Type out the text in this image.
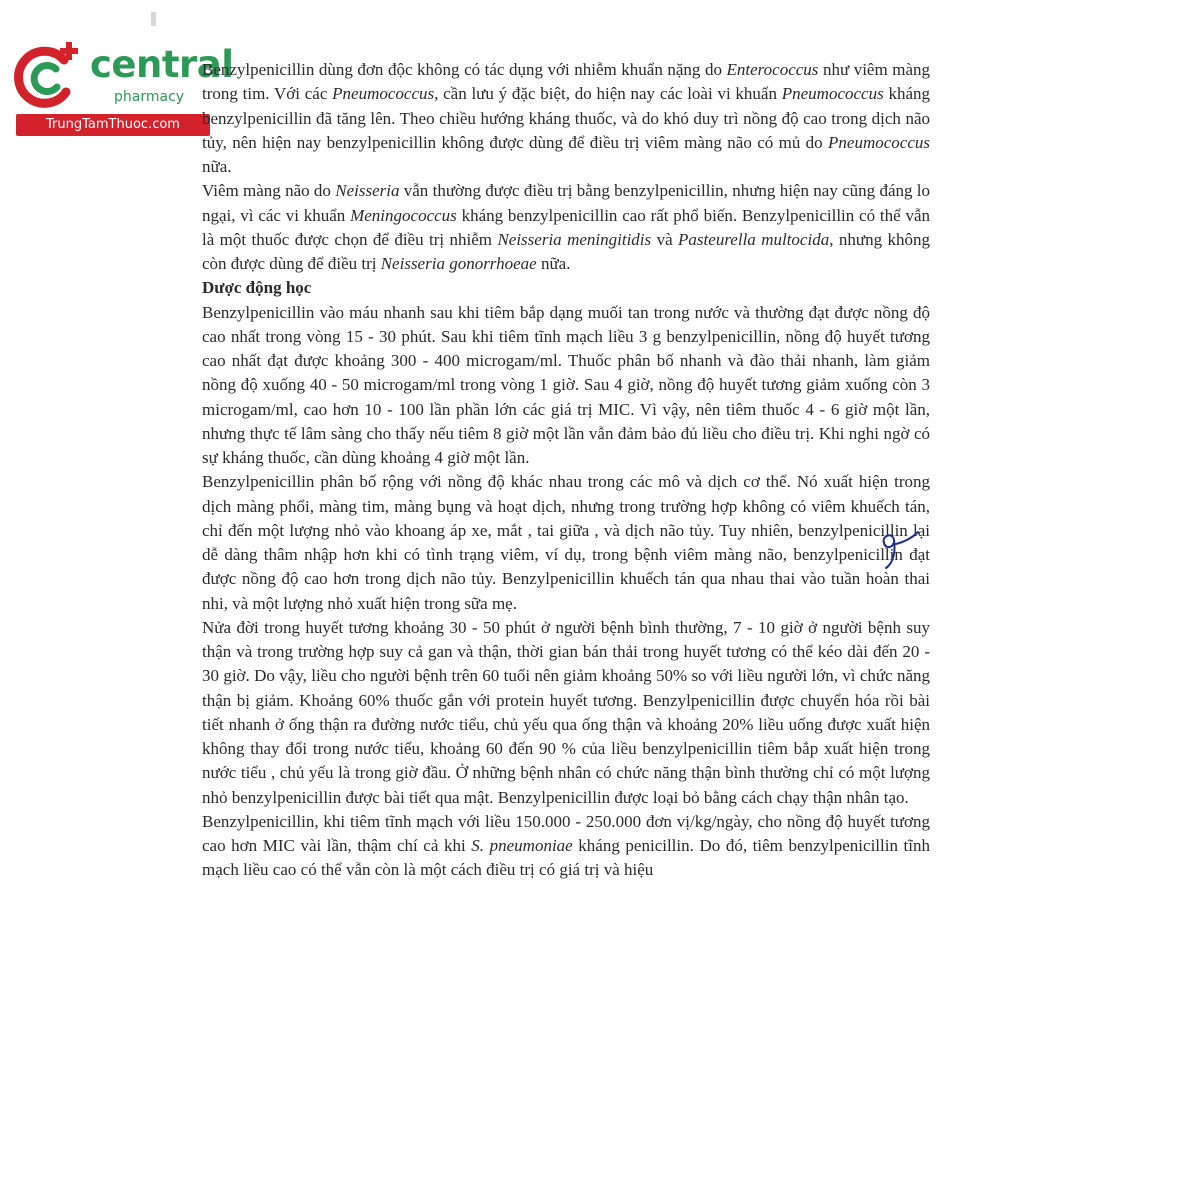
central
pharmacy
TrungTamThuoc.com

Benzylpenicillin dùng đơn độc không có tác dụng với nhiễm khuẩn nặng do Enterococcus như viêm màng trong tim. Với các Pneumococcus, cần lưu ý đặc biệt, do hiện nay các loài vi khuẩn Pneumococcus kháng benzylpenicillin đã tăng lên. Theo chiều hướng kháng thuốc, và do khó duy trì nồng độ cao trong dịch não tủy, nên hiện nay benzylpenicillin không được dùng để điều trị viêm màng não có mủ do Pneumococcus nữa.

Viêm màng não do Neisseria vẫn thường được điều trị bằng benzylpenicillin, nhưng hiện nay cũng đáng lo ngại, vì các vi khuẩn Meningococcus kháng benzylpenicillin cao rất phổ biến. Benzylpenicillin có thể vẫn là một thuốc được chọn để điều trị nhiễm Neisseria meningitidis và Pasteurella multocida, nhưng không còn được dùng để điều trị Neisseria gonorrhoeae nữa.

Dược động học

Benzylpenicillin vào máu nhanh sau khi tiêm bắp dạng muối tan trong nước và thường đạt được nồng độ cao nhất trong vòng 15 - 30 phút. Sau khi tiêm tĩnh mạch liều 3 g benzylpenicillin, nồng độ huyết tương cao nhất đạt được khoảng 300 - 400 microgam/ml. Thuốc phân bố nhanh và đào thải nhanh, làm giảm nồng độ xuống 40 - 50 microgam/ml trong vòng 1 giờ. Sau 4 giờ, nồng độ huyết tương giảm xuống còn 3 microgam/ml, cao hơn 10 - 100 lần phần lớn các giá trị MIC. Vì vậy, nên tiêm thuốc 4 - 6 giờ một lần, nhưng thực tế lâm sàng cho thấy nếu tiêm 8 giờ một lần vẫn đảm bảo đủ liều cho điều trị. Khi nghi ngờ có sự kháng thuốc, cần dùng khoảng 4 giờ một lần.

Benzylpenicillin phân bố rộng với nồng độ khác nhau trong các mô và dịch cơ thể. Nó xuất hiện trong dịch màng phổi, màng tim, màng bụng và hoạt dịch, nhưng trong trường hợp không có viêm khuếch tán, chỉ đến một lượng nhỏ vào khoang áp xe, mắt , tai giữa , và dịch não tủy. Tuy nhiên, benzylpenicillin lại dễ dàng thâm nhập hơn khi có tình trạng viêm, ví dụ, trong bệnh viêm màng não, benzylpenicillin đạt được nồng độ cao hơn trong dịch não tủy. Benzylpenicillin khuếch tán qua nhau thai vào tuần hoàn thai nhi, và một lượng nhỏ xuất hiện trong sữa mẹ.

Nửa đời trong huyết tương khoảng 30 - 50 phút ở người bệnh bình thường, 7 - 10 giờ ở người bệnh suy thận và trong trường hợp suy cả gan và thận, thời gian bán thải trong huyết tương có thể kéo dài đến 20 - 30 giờ. Do vậy, liều cho người bệnh trên 60 tuổi nên giảm khoảng 50% so với liều người lớn, vì chức năng thận bị giảm. Khoảng 60% thuốc gắn với protein huyết tương. Benzylpenicillin được chuyển hóa rồi bài tiết nhanh ở ống thận ra đường nước tiểu, chủ yếu qua ống thận và khoảng 20% liều uống được xuất hiện không thay đổi trong nước tiểu, khoảng 60 đến 90 % của liều benzylpenicillin tiêm bắp xuất hiện trong nước tiểu , chủ yếu là trong giờ đầu. Ở những bệnh nhân có chức năng thận bình thường chỉ có một lượng nhỏ benzylpenicillin được bài tiết qua mật. Benzylpenicillin được loại bỏ bằng cách chạy thận nhân tạo.

Benzylpenicillin, khi tiêm tĩnh mạch với liều 150.000 - 250.000 đơn vị/kg/ngày, cho nồng độ huyết tương cao hơn MIC vài lần, thậm chí cả khi S. pneumoniae kháng penicillin. Do đó, tiêm benzylpenicillin tĩnh mạch liều cao có thể vẫn còn là một cách điều trị có giá trị và hiệu
